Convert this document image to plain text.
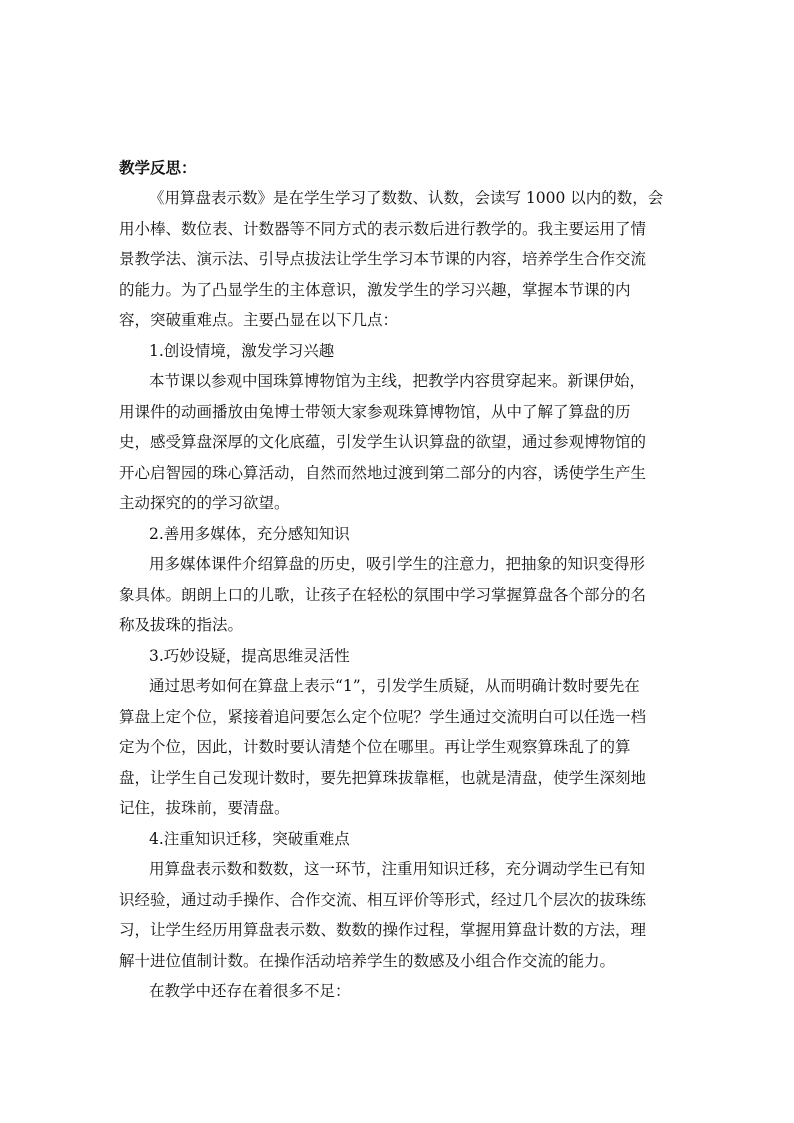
教学反思：
《用算盘表示数》是在学生学习了数数、认数，会读写 1000 以内的数，会
用小棒、数位表、计数器等不同方式的表示数后进行教学的。我主要运用了情
景教学法、演示法、引导点拔法让学生学习本节课的内容，培养学生合作交流
的能力。为了凸显学生的主体意识，激发学生的学习兴趣，掌握本节课的内
容，突破重难点。主要凸显在以下几点：
1.创设情境，激发学习兴趣
本节课以参观中国珠算博物馆为主线，把教学内容贯穿起来。新课伊始，
用课件的动画播放由兔博士带领大家参观珠算博物馆，从中了解了算盘的历
史，感受算盘深厚的文化底蕴，引发学生认识算盘的欲望，通过参观博物馆的
开心启智园的珠心算活动，自然而然地过渡到第二部分的内容，诱使学生产生
主动探究的的学习欲望。
2.善用多媒体，充分感知知识
用多媒体课件介绍算盘的历史，吸引学生的注意力，把抽象的知识变得形
象具体。朗朗上口的儿歌，让孩子在轻松的氛围中学习掌握算盘各个部分的名
称及拔珠的指法。
3.巧妙设疑，提高思维灵活性
通过思考如何在算盘上表示“1”，引发学生质疑，从而明确计数时要先在
算盘上定个位，紧接着追问要怎么定个位呢？学生通过交流明白可以任选一档
定为个位，因此，计数时要认清楚个位在哪里。再让学生观察算珠乱了的算
盘，让学生自己发现计数时，要先把算珠拔靠框，也就是清盘，使学生深刻地
记住，拔珠前，要清盘。
4.注重知识迁移，突破重难点
用算盘表示数和数数，这一环节，注重用知识迁移，充分调动学生已有知
识经验，通过动手操作、合作交流、相互评价等形式，经过几个层次的拔珠练
习，让学生经历用算盘表示数、数数的操作过程，掌握用算盘计数的方法，理
解十进位值制计数。在操作活动培养学生的数感及小组合作交流的能力。
在教学中还存在着很多不足：
